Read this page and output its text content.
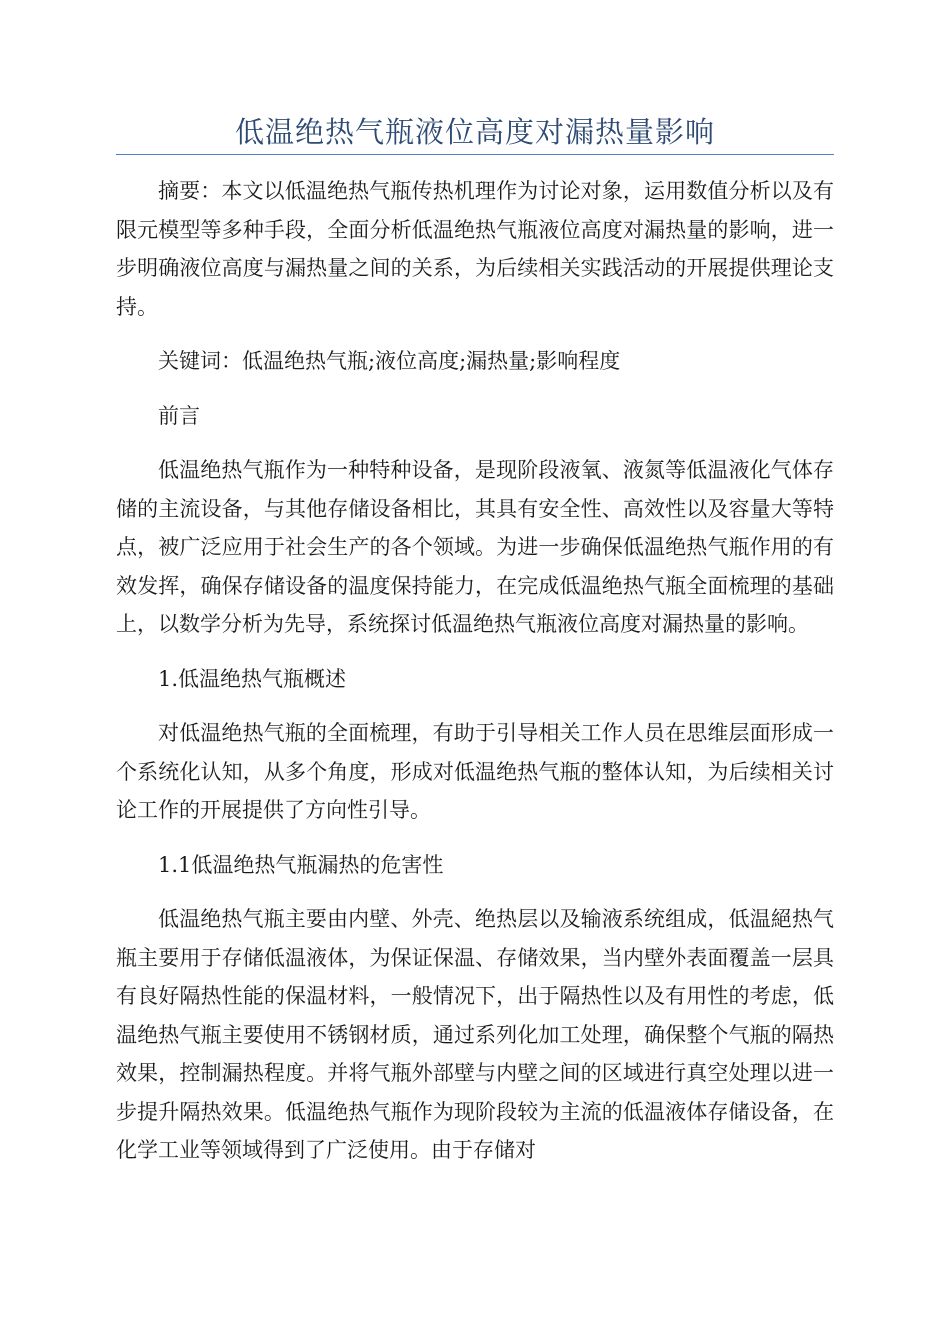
低温绝热气瓶液位高度对漏热量影响

摘要：本文以低温绝热气瓶传热机理作为讨论对象，运用数值分析以及有限元模型等多种手段，全面分析低温绝热气瓶液位高度对漏热量的影响，进一步明确液位高度与漏热量之间的关系，为后续相关实践活动的开展提供理论支持。

关键词：低温绝热气瓶;液位高度;漏热量;影响程度

前言

低温绝热气瓶作为一种特种设备，是现阶段液氧、液氮等低温液化气体存储的主流设备，与其他存储设备相比，其具有安全性、高效性以及容量大等特点，被广泛应用于社会生产的各个领域。为进一步确保低温绝热气瓶作用的有效发挥，确保存储设备的温度保持能力，在完成低温绝热气瓶全面梳理的基础上，以数学分析为先导，系统探讨低温绝热气瓶液位高度对漏热量的影响。

1.低温绝热气瓶概述

对低温绝热气瓶的全面梳理，有助于引导相关工作人员在思维层面形成一个系统化认知，从多个角度，形成对低温绝热气瓶的整体认知，为后续相关讨论工作的开展提供了方向性引导。

1.1低温绝热气瓶漏热的危害性

低温绝热气瓶主要由内壁、外壳、绝热层以及输液系统组成，低温絕热气瓶主要用于存储低温液体，为保证保温、存储效果，当内壁外表面覆盖一层具有良好隔热性能的保温材料，一般情况下，出于隔热性以及有用性的考虑，低温绝热气瓶主要使用不锈钢材质，通过系列化加工处理，确保整个气瓶的隔热效果，控制漏热程度。并将气瓶外部壁与内壁之间的区域进行真空处理以进一步提升隔热效果。低温绝热气瓶作为现阶段较为主流的低温液体存储设备，在化学工业等领域得到了广泛使用。由于存储对
